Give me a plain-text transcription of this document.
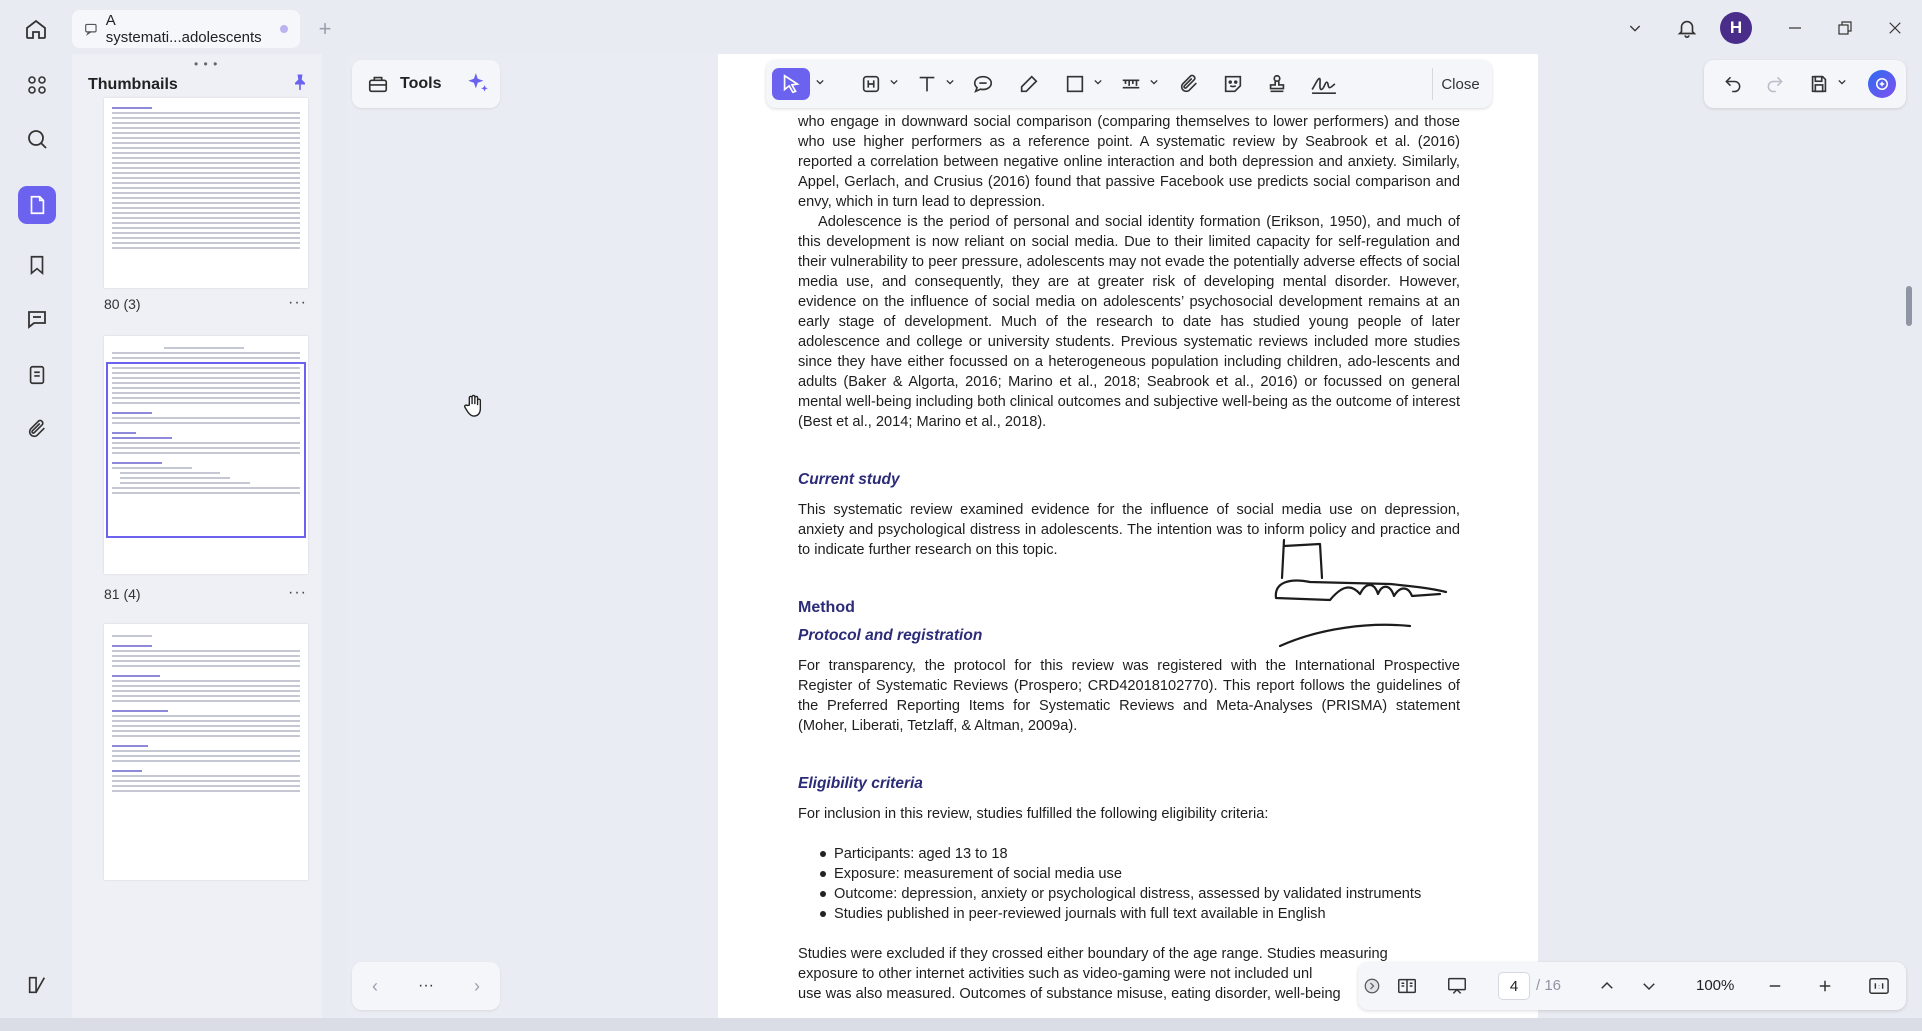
A systemati...adolescents	+	H
• • •
Thumbnails
80 (3)	···
81 (4)	···
Tools
‹	··· ›

who engage in downward social comparison (comparing themselves to lower performers) and those who use higher performers as a reference point. A systematic review by Seabrook et al. (2016) reported a correlation between negative online interaction and both depression and anxiety. Similarly, Appel, Gerlach, and Crusius (2016) found that passive Facebook use predicts social comparison and envy, which in turn lead to depression.

Adolescence is the period of personal and social identity formation (Erikson, 1950), and much of this development is now reliant on social media. Due to their limited capacity for self-regulation and their vulnerability to peer pressure, adolescents may not evade the potentially adverse effects of social media use, and consequently, they are at greater risk of developing mental disorder. However, evidence on the influence of social media on adolescents’ psychosocial development remains at an early stage of development. Much of the research to date has studied young people of later adolescence and college or university students. Previous systematic reviews included more studies since they have either focussed on a heterogeneous population including children, ado-lescents and adults (Baker & Algorta, 2016; Marino et al., 2018; Seabrook et al., 2016) or focussed on general mental well-being including both clinical outcomes and subjective well-being as the outcome of interest (Best et al., 2014; Marino et al., 2018).

Current study

This systematic review examined evidence for the influence of social media use on depression, anxiety and psychological distress in adolescents. The intention was to inform policy and practice and to indicate further research on this topic.

Method
Protocol and registration

For transparency, the protocol for this review was registered with the International Prospective Register of Systematic Reviews (Prospero; CRD42018102770). This report follows the guidelines of the Preferred Reporting Items for Systematic Reviews and Meta-Analyses (PRISMA) statement (Moher, Liberati, Tetzlaff, & Altman, 2009a).

Eligibility criteria

For inclusion in this review, studies fulfilled the following eligibility criteria:

Participants: aged 13 to 18
Exposure: measurement of social media use
Outcome: depression, anxiety or psychological distress, assessed by validated instruments
Studies published in peer-reviewed journals with full text available in English

Studies were excluded if they crossed either boundary of the age range. Studies measuring

exposure to other internet activities such as video-gaming were not included unl

use was also measured. Outcomes of substance misuse, eating disorder, well-being

Close
4	/ 16	100%
